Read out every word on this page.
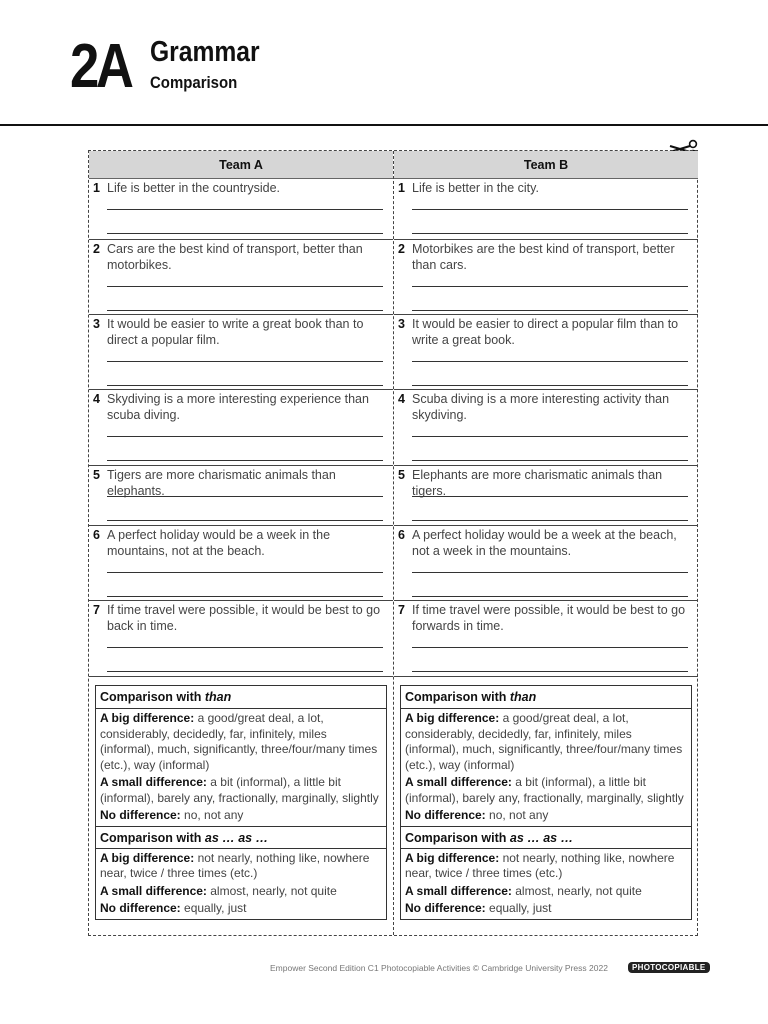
2A Grammar
Comparison
Team A	Team B
1 Life is better in the countryside.
2 Cars are the best kind of transport, better than motorbikes.
3 It would be easier to write a great book than to direct a popular film.
4 Skydiving is a more interesting experience than scuba diving.
5 Tigers are more charismatic animals than elephants.
6 A perfect holiday would be a week in the mountains, not at the beach.
7 If time travel were possible, it would be best to go back in time.
1 Life is better in the city.
2 Motorbikes are the best kind of transport, better than cars.
3 It would be easier to direct a popular film than to write a great book.
4 Scuba diving is a more interesting activity than skydiving.
5 Elephants are more charismatic animals than tigers.
6 A perfect holiday would be a week at the beach, not a week in the mountains.
7 If time travel were possible, it would be best to go forwards in time.
Comparison with than
A big difference: a good/great deal, a lot, considerably, decidedly, far, infinitely, miles (informal), much, significantly, three/four/many times (etc.), way (informal)
A small difference: a bit (informal), a little bit (informal), barely any, fractionally, marginally, slightly
No difference: no, not any
Comparison with as … as …
A big difference: not nearly, nothing like, nowhere near, twice / three times (etc.)
A small difference: almost, nearly, not quite
No difference: equally, just
Comparison with than
A big difference: a good/great deal, a lot, considerably, decidedly, far, infinitely, miles (informal), much, significantly, three/four/many times (etc.), way (informal)
A small difference: a bit (informal), a little bit (informal), barely any, fractionally, marginally, slightly
No difference: no, not any
Comparison with as … as …
A big difference: not nearly, nothing like, nowhere near, twice / three times (etc.)
A small difference: almost, nearly, not quite
No difference: equally, just
Empower Second Edition C1 Photocopiable Activities © Cambridge University Press 2022	PHOTOCOPIABLE
